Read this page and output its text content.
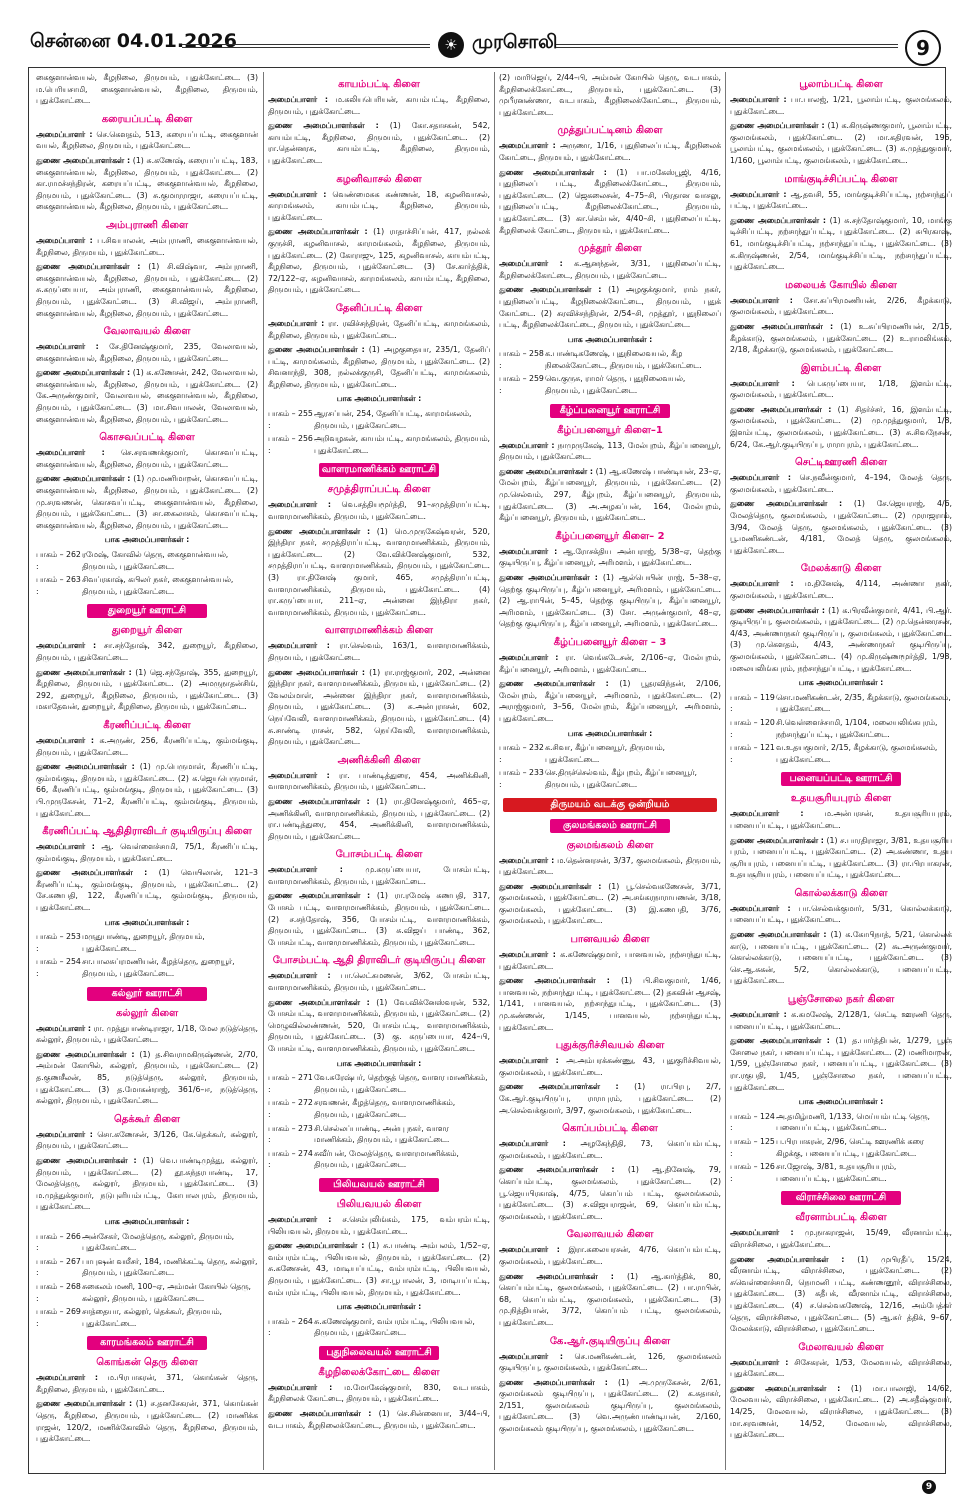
சென்னை 04.01.2026	☀ முரசொலி	9

கைகுளான்வயல், கீழநிலை, திருமயம், புதுக்கோட்டை. (3) ம.பெரியசாமி, கைகுளான்வயல், கீழநிலை, திருமயம், புதுக்கோட்டை.

கரையப்பட்டி கிளை

அமைப்பாளர் : செ.கௌதம், 513, கரையப்பட்டி, கைகுளான் வயல், கீழநிலை, திருமயம், புதுக்கோட்டை.

துணை அமைப்பாளர்கள் : (1) சு.கணேஷ், கரையப்பட்டி, 183, கைகுளான்வயல், கீழநிலை, திருமயம், புதுக்கோட்டை. (2) கா.ராமச்சந்திரன், கரையப்பட்டி, கைகுளான்வயல், கீழநிலை, திருமயம், புதுக்கோட்டை. (3) சு.குமாரராஜா, கரையப்பட்டி, கைகுளான்வயல், கீழநிலை, திருமயம், புதுக்கோட்டை.

அம்புராணி கிளை

அமைப்பாளர் : ப.சிவபாலன், அம்புராணி, கைகுளான்வயல், கீழநிலை, திருமயம், புதுக்கோட்டை.

துணை அமைப்பாளர்கள் : (1) சி.விஷ்வா, அம்புராணி, கைகுளான்வயல், கீழநிலை, திருமயம், புதுக்கோட்டை. (2) சு.கருப்பையா, அம்புராணி, கைகுளான்வயல், கீழநிலை, திருமயம், புதுக்கோட்டை. (3) சி.விஜய், அம்புராணி, கைகுளான்வயல், கீழநிலை, திருமயம், புதுக்கோட்டை.

வேலாவயல் கிளை

அமைப்பாளர் : சே.தினேஷ்குமார், 235, வேலாவயல், கைகுளான்வயல், கீழநிலை, திருமயம், புதுக்கோட்டை.

துணை அமைப்பாளர்கள் : (1) க.கணேசன், 242, வேலாவயல், கைகுளான்வயல், கீழநிலை, திருமயம், புதுக்கோட்டை. (2) கே.அருண்குமார், வேலாவயல், கைகுளான்வயல், கீழநிலை, திருமயம், புதுக்கோட்டை. (3) மா.சிவபாலன், வேலாவயல், கைகுளான்வயல், கீழநிலை, திருமயம், புதுக்கோட்டை.

கொசவப்பட்டி கிளை

அமைப்பாளர் : செ.சரவணக்குமார், கொசவப்பட்டி, கைகுளான்வயல், கீழநிலை, திருமயம், புதுக்கோட்டை.

துணை அமைப்பாளர்கள் : (1) மு.மணிமாறன், கொசவப்பட்டி, கைகுளான்வயல், கீழநிலை, திருமயம், புதுக்கோட்டை. (2) மு.சரவணன், கொசவப்பட்டி, கைகுளான்வயல், கீழநிலை, திருமயம், புதுக்கோட்டை. (3) சா.கைலாசம், கொசவப்பட்டி, கைகுளான்வயல், கீழநிலை, திருமயம், புதுக்கோட்டை.

பாக அமைப்பாளர்கள் :
பாகம் – 262 :
ரமேஷ், கோவில் தெரு, கைகுளான்வயல், திருமயம், புதுக்கோட்டை.
பாகம் – 263 :
சிவப்ரகாஷ், கபிலர் நகர், கைகுளான்வயல், திருமயம், புதுக்கோட்டை.
துறையூர் ஊராட்சி
துறையூர் கிளை

அமைப்பாளர் : சா.சந்தோஷ், 342, துறையூர், கீழநிலை, திருமயம், புதுக்கோட்டை.

துணை அமைப்பாளர்கள் : (1) ஜெ.சந்தோஷ், 355, துறையூர், கீழநிலை, திருமயம், புதுக்கோட்டை. (2) அமருநாதன்சிங், 292, துறையூர், கீழநிலை, திருமயம், புதுக்கோட்டை. (3) மகாதேவன், துறையூர், கீழநிலை, திருமயம், புதுக்கோட்டை.

கீரணிப்பட்டி கிளை

அமைப்பாளர் : க.அருண், 256, கீரணிப்பட்டி, கும்மங்குடி, திருமயம், புதுக்கோட்டை.

துணை அமைப்பாளர்கள் : (1) மு.பெருமாள், கீரணிப்பட்டி, கும்மங்குடி, திருமயம், புதுக்கோட்டை. (2) க.ஜெயபெருமாள், 66, கீரணிப்பட்டி, கும்மங்குடி, திருமயம், புதுக்கோட்டை. (3) பி.முருகேசன், 71–2, கீரணிப்பட்டி, கும்மங்குடி, திருமயம், புதுக்கோட்டை.

கீரணிப்பட்டி ஆதிதிராவிடர் குடியிருப்பு கிளை

அமைப்பாளர் : ஆ. வெள்ளைச்சாமி, 75/1, கீரணிப்பட்டி, கும்மங்குடி, திருமயம், புதுக்கோட்டை.

துணை அமைப்பாளர்கள் : (1) வெயிலான், 121–3 கீரணிப்பட்டி, கும்மங்குடி, திருமயம், புதுக்கோட்டை. (2) சே.கணபதி, 122, கீரணிப்பட்டி, கும்மங்குடி, திருமயம், புதுக்கோட்டை.

பாக அமைப்பாளர்கள் :
பாகம் – 253 :
மருதுபாண்டி, துறையூர், திருமயம், புதுக்கோட்டை.
பாகம் – 254 :
சா.பாலசுப்ரமணியன், கீழத்தெரு, துறையூர், திருமயம், புதுக்கோட்டை.
கல்லூர் ஊராட்சி
கல்லூர் கிளை

அமைப்பாளர் : ரா. முத்துபாண்டிராஜா, 1/18, மேல நடுத்தெரு, கல்லூர், திருமயம், புதுக்கோட்டை.

துணை அமைப்பாளர்கள் : (1) த.சிவராமகிருஷ்ணன், 2/70, அம்மன் கோயில், கல்லூர், திருமயம், புதுக்கோட்டை. (2) த.குணசீலன், 85, நடுத்தெரு, கல்லூர், திருமயம், புதுக்கோட்டை. (3) த.மோகன்ராஜ், 361/6–ஈ, நடுத்தெரு, கல்லூர், திருமயம், புதுக்கோட்டை.

தெக்கூர் கிளை

அமைப்பாளர் : சொ.கணேசன், 3/126, கே.தெக்கூர், கல்லூர், திருமயம், புதுக்கோட்டை.

துணை அமைப்பாளர்கள் : (1) வெ.பாண்டிமுத்து, கல்லூர், திருமயம், புதுக்கோட்டை. (2) தூ.சுந்தரபாண்டி, 17, மேலத்தெரு, கல்லூர், திருமயம், புதுக்கோட்டை. (3) ம.முத்துக்குமார், நடுபுளியம்பட்டி, கோபாலபுரம், திருமயம், புதுக்கோட்டை.

பாக அமைப்பாளர்கள் :
பாகம் – 266 :
அன்சேகர், மேலத்தெரு, கல்லூர், திருமயம், புதுக்கோட்டை.
பாகம் – 267 :
பாபுஷன் வஙீசர், 184, மணிக்கட்டி தெரு, கல்லூர், திருமயம், புதுக்கோட்டை.
பாகம் – 268 :
சுகைலம் மணி, 100–ஏ, அம்மன் கோயில் தெரு, கல்லூர், திருமயம், புதுக்கோட்டை.
பாகம் – 269 :
சாத்தையா, கல்லூர், தெக்கூர், திருமயம், புதுக்கோட்டை.
காரமங்கலம் ஊராட்சி
கொங்கன் தெரு கிளை

அமைப்பாளர் : ம.பிரபாகரன், 371, கொங்கன் தெரு, கீழநிலை, திருமயம், புதுக்கோட்டை.

துணை அமைப்பாளர்கள் : (1) ச.தனசேகரன், 371, கொங்கன் தெரு, கீழநிலை, திருமயம், புதுக்கோட்டை. (2) மாணிக்க ராஜன், 120/2, மணிக்கோவில் தெரு, கீழநிலை, திருமயம், புதுக்கோட்டை.

காயம்பட்டி கிளை

அமைப்பாளர் : ம.கலியபெரியன், காயம்பட்டி, கீழநிலை, திருமயம், புதுக்கோட்டை.

துணை அமைப்பாளர்கள் : (1) கோ.சதாசகன், 542, காயம்பட்டி, கீழநிலை, திருமயம், புதுக்கோட்டை. (2) ரா.தென்னரசு, காயம்பட்டி, கீழநிலை, திருமயம், புதுக்கோட்டை.

கழனிவாசல் கிளை

அமைப்பாளர் : வெண்மைசுக கண்ணன், 18, கழனிவாசல், காரமங்கலம், காயம்பட்டி, கீழநிலை, திருமயம், புதுக்கோட்டை.

துணை அமைப்பாளர்கள் : (1) ராதாச்சிப்பன், 417, நல்லக் குருச்சி, கழனிவாசல், காரமங்கலம், கீழநிலை, திருமயம், புதுக்கோட்டை. (2) கோராஜு, 125, கழனிவாசல், காயம்பட்டி, கீழநிலை, திருமயம், புதுக்கோட்டை. (3) சே.கார்த்திக், 72/122–ஏ, கழனிவாசல், காரமங்கலம், காயம்பட்டி, கீழநிலை, திருமயம், புதுக்கோட்டை.

தேனிப்பட்டி கிளை

அமைப்பாளர் : ரா. ரவிச்சந்திரன், தேனிப்பட்டி, காரமங்கலம், கீழநிலை, திருமயம், புதுக்கோட்டை.

துணை அமைப்பாளர்கள் : (1) அழகுதையா, 235/1, தேனிப் பட்டி, காரமங்கலம், கீழநிலை, திருமயம், புதுக்கோட்டை. (2) சிவனாந்தி, 308, நல்லக்குருசி, தேனிப்பட்டி, காரமங்கலம், கீழநிலை, திருமயம், புதுக்கோட்டை.

பாக அமைப்பாளர்கள் :
பாகம் – 255 :
ஆரசப்பன், 254, தேனிப்பட்டி, காரமங்கலம், திருமயம், புதுக்கோட்டை.
பாகம் – 256 :
அறிவழகன், காயம்பட்டி, காரமங்கலம், திருமயம், புதுக்கோட்டை.
வாளரமாணிக்கம் ஊராட்சி
சமுத்திராப்பட்டி கிளை

அமைப்பாளர் : வெ.சத்தியமூர்த்தி, 91–சமுத்திராப்பட்டி, வாளரமாணிக்கம், திருமயம், புதுக்கோட்டை.

துணை அமைப்பாளர்கள் : (1) மெ.முருகேஷ்வரன், 520, இந்திரா நகர், சமுத்திராப்பட்டி, வாளரமாணிக்கம், திருமயம், புதுக்கோட்டை. (2) வே.விக்னேஷ்குமார், 532, சமுத்திராப்பட்டி, வாளரமாணிக்கம், திருமயம், புதுக்கோட்டை. (3) ரா.தினேஷ் குமார், 465, சமுத்திராப்பட்டி, வாளரமாணிக்கம், திருமயம், புதுக்கோட்டை. (4) ரா.கருப்பையா, 211–ஏ, அன்னை இந்திரா நகர், வாளரமாணிக்கம், திருமயம், புதுக்கோட்டை.

வாளரமாணிக்கம் கிளை

அமைப்பாளர் : ரா.செல்வம், 163/1, வாளரமாணிக்கம், திருமயம், புதுக்கோட்டை.

துணை அமைப்பாளர்கள் : (1) ரா.ராஜ்குமார், 202, அன்னை இந்திரா நகர், வாளரமாணிக்கம், திருமயம், புதுக்கோட்டை. (2) வேலம்மாள், அன்னை இந்திரா நகர், வாளரமாணிக்கம், திருமயம், புதுக்கோட்டை. (3) சு.அன்புராசன், 602, நெய்வேலி, வாளரமாணிக்கம், திருமயம், புதுக்கோட்டை. (4) சு.சாண்டி ராசன், 582, நெய்வேலி, வாளரமாணிக்கம், திருமயம், புதுக்கோட்டை.

அணிக்கினி கிளை

அமைப்பாளர் : ரா. பாண்டித்துரை, 454, அணிக்கினி, வாளரமாணிக்கம், திருமயம், புதுக்கோட்டை.

துணை அமைப்பாளர்கள் : (1) ரா.தினேஷ்குமார், 465–ஏ, அணிக்கினி, வாளரமாணிக்கம், திருமயம், புதுக்கோட்டை. (2) ரா.பண்டித்துரை, 454, அணிக்கினி, வாளரமாணிக்கம், திருமயம், புதுக்கோட்டை.

போசம்பட்டி கிளை

அமைப்பாளர் :	மு.கருப்பையா, போசம்பட்டி, வாளரமாணிக்கம், திருமயம், புதுக்கோட்டை.

துணை அமைப்பாளர்கள் : (1) ரா.ரமேஷ் கணபதி, 317, போசம் பட்டி, வாளரமாணிக்கம், திருமயம், புதுக்கோட்டை. (2) ச.சந்தோஷ், 356, போசம்பட்டி, வாளரமாணிக்கம், திருமயம், புதுக்கோட்டை. (3) சு.விஜய் பாண்டி, 362, போசம்பட்டி, வாளரமாணிக்கம், திருமயம், புதுக்கோட்டை.

போசம்பட்டி ஆதி திராவிடர் குடியிருப்பு கிளை

அமைப்பாளர் : பா.லெட்சுமணன், 3/62, போசம்பட்டி, வாளரமாணிக்கம், திருமயம், புதுக்கோட்டை.

துணை அமைப்பாளர்கள் : (1) வே.விக்னேஸ்வரன், 532, போசம்பட்டி, வாளரமாணிக்கம், திருமயம், புதுக்கோட்டை. (2) மெழுவில்லண்ணன், 520, போசம்பட்டி, வாளரமாணிக்கம், திருமயம், புதுக்கோட்டை. (3) கு. கருப்பையா, 424–பி, போசம்பட்டி, வாளரமாணிக்கம், திருமயம், புதுக்கோட்டை.

பாக அமைப்பாளர்கள் :
பாகம் – 271 :
வே.சுரேஷ்பர், தெற்குத் தெரு, வாளர மாணிக்கம், திருமயம், புதுக்கோட்டை.
பாகம் – 272 :
சரவணன், கீழத்தெரு, வாளரமாணிக்கம், திருமயம், புதுக்கோட்டை.
பாகம் – 273 :
சி.செல்லப்பாண்டி, அன்பு நகர், வாளர மாணிக்கம், திருமயம், புதுக்கோட்டை.
பாகம் – 274 :
சுவீர்பன், மேலத்தெரு, வாளரமாணிக்கம், திருமயம், புதுக்கோட்டை.
பிலியவயல் ஊராட்சி
பிலியவயல் கிளை

அமைப்பாளர் : ச.செம்புலிங்கம், 175, வம்பரம்பட்டி, பிலியவயல், திருமயம், புதுக்கோட்டை.

துணை அமைப்பாளர்கள் : (1) சு.பாண்டி அம்பலம், 1/52–ஏ, வம்பரம்பட்டி, பிலியவயல், திருமயம், புதுக்கோட்டை. (2) சு.கணேசன், 43, மாடியப்பட்டி, வம்பரம்பட்டி, பிலியவயல், திருமயம், புதுக்கோட்டை. (3) சா.பூபாலன், 3, மாடியப்பட்டி, வம்பரம்பட்டி, பிலியவயல், திருமயம், புதுக்கோட்டை.

பாக அமைப்பாளர்கள் :
பாகம் – 264 :
சு.கணேஷ்குமார், வம்பரம்பட்டி, பிலியவயல், திருமயம், புதுக்கோட்டை.
புதுநிலைவயல் ஊராட்சி
கீழநிலைக்கோட்டை கிளை

அமைப்பாளர் : ம.மோகேஷ்குமார், 830, வடபாகம், கீழநிலைக் கோட்டை, திருமயம், புதுக்கோட்டை.

துணை அமைப்பாளர்கள் : (1) செ.சின்னையா, 3/44–பி, வடபாகம், கீழநிலைக்கோட்டை, திருமயம், புதுக்கோட்டை.

(2) மாரிஜெய், 2/44–பி, அம்மன் கோயில் தெரு, வடபாகம், கீழநிலைக்கோட்டை, திருமயம், புதுக்கோட்டை. (3) முபீரனண்ணா, வடபாகம், கீழநிலைக்கோட்டை, திருமயம், புதுக்கோட்டை.

முத்துப்பட்டினம் கிளை

அமைப்பாளர் : அருணா, 1/16, புதுநிலைப்பட்டி, கீழநிலைக் கோட்டை, திருமயம், புதுக்கோட்டை.

துணை அமைப்பாளர்கள் : (1) பா.மகேஸ்பூஜி, 4/16, புதுநிலைப் பட்டி, கீழநிலைக்கோட்டை, திருமயம், புதுக்கோட்டை. (2) ஜெகலைசன், 4–75–சி, பிரதான வாசலு, புதுநிலைப்பட்டி, கீழநிலைக்கோட்டை, திருமயம், புதுக்கோட்டை. (3) கா.செம்பன், 4/40–சி, புதுநிலைப்பட்டி, கீழநிலைக் கோட்டை, திருமயம், புதுக்கோட்டை.

முத்தூர் கிளை

அமைப்பாளர் : க.ஆனந்தன், 3/31, புதுநிலைப்பட்டி, கீழநிலைக்கோட்டை, திருமயம், புதுக்கோட்டை.

துணை அமைப்பாளர்கள் : (1) அழகுக்குமார், ராம் நகர், புதுநிலைப்பட்டி, கீழநிலைக்கோட்டை, திருமயம், புதுக் கோட்டை. (2) சுரவிச்சந்திரன், 2/54–சி, முத்தூர், புதுநிலைப் பட்டி, கீழநிலைக்கோட்டை, திருமயம், புதுக்கோட்டை.

பாக அமைப்பாளர்கள் :
பாகம் – 258 :
க.பாண்டிகணேஷ், புதுநிலைவயல், கீழ நிலைக்கோட்டை, திருமயம், புதுக்கோட்டை.
பாகம் – 259 :
வெ.குருசு, ராமர் தெரு, புதுநிலைவயல், திருமயம், புதுக்கோட்டை.
கீழ்ப்பனையூர் ஊராட்சி
கீழ்ப்பனையூர் கிளை–1

அமைப்பாளர் : நாமுருகேஷ், 113, மேல்புறம், கீழ்ப்பனையூர், திருமயம், புதுக்கோட்டை.

துணை அமைப்பாளர்கள் : (1) ஆ.கணேஷ் பாண்டியன், 23–ஏ, மேல்புறம், கீழ்ப்பனையூர், திருமயம், புதுக்கோட்டை. (2) மு.செல்வம், 297, கீழ்புறம், கீழ்ப்பனையூர், திருமயம், புதுக்கோட்டை. (3) அ.அழகப்பன், 164, மேல்புறம், கீழ்ப்பனையூர், திருமயம், புதுக்கோட்டை.

கீழ்ப்பனையூர் கிளை– 2

அமைப்பாளர் : ஆ.ரோசக்திய அன்பராஜ், 5/38–ஏ, தெற்கு குடியிருப்பு, கீழ்ப்பனையூர், அரிமளம், புதுக்கோட்டை.

துணை அமைப்பாளர்கள் : (1) ஆல்பெயின் ராஜ், 5–38–ஏ, தெற்கு குடியிருப்பு, கீழ்ப்பனையூர், அரிமளம், புதுக்கோட்டை. (2) ஆ.ராபின், 5–45, தெற்கு குடியிருப்பு, கீழ்ப்பனையூர், அரிமளம், புதுக்கோட்டை. (3) சோ. அருண்குமார், 48–ஏ, தெற்கு குடியிருப்பு, கீழ்ப்பனையூர், அரிமளம், புதுக்கோட்டை.

கீழ்ப்பனையூர் கிளை – 3

அமைப்பாளர் : ரா. வெங்கடேசன், 2/106–ஏ, மேல்புறம், கீழ்ப்பனையூர், அரிமளம், புதுக்கோட்டை.

துணை அமைப்பாளர்கள் : (1) பூதரவிந்தன், 2/106, மேல்புறம், கீழ்ப்பனையூர், அரிமளம், புதுக்கோட்டை. (2) அராஜ்குமார், 3–56, மேல்புறம், கீழ்ப்பனையூர், அரிமளம், புதுக்கோட்டை.

பாக அமைப்பாளர்கள் :
பாகம் – 232 :
க.சிவா, கீழ்ப்பனையூர், திருமயம், புதுக்கோட்டை.
பாகம் – 233 :
செ.திருச்செல்வம், கீழ்புறம், கீழ்ப்பனையூர், திருமயம், புதுக்கோட்டை.
திருமயம் வடக்கு ஒன்றியம்
குலமங்கலம் ஊராட்சி
குலமங்கலம் கிளை

அமைப்பாளர் : ம.தென்னரசன், 3/37, குலமங்கலம், திருமயம், புதுக்கோட்டை.

துணை அமைப்பாளர்கள் : (1) பூ.செல்வகணேசன், 3/71, குலமங்கலம், புதுக்கோட்டை. (2) அ.சங்கரநாராயணன், 3/18, குலமங்கலம், புதுக்கோட்டை. (3) இ.கணபதி, 3/76, குலமங்கலம், புதுக்கோட்டை.

பானவயல் கிளை

அமைப்பாளர் : க.கணேஷ்குமார், பானவயல், நற்சாந்துபட்டி, புதுக்கோட்டை.

துணை அமைப்பாளர்கள் : (1) பி.சிவகுமார், 1/46, பானவயல், நற்சாந்துபட்டி, புதுக்கோட்டை. (2) தகவின் ஆசஷ், 1/141, பானவயல், நற்சாந்துபட்டி, புதுக்கோட்டை. (3) மு.கண்ணன், 1/145, பானவயல், நற்சாந்துபட்டி, புதுக்கோட்டை.

புதுக்குரிச்சிவயல் கிளை

அமைப்பாளர் : அ.அம்பரக்கண்ணு, 43, புதுகுரிச்சிவயல், குலமங்கலம், புதுக்கோட்டை.

துணை அமைப்பாளர்கள் : (1) ரா.பிரபு, 2/7, கே.ஆர்.குடியிருப்பு, ராராபுரம், புதுக்கோட்டை. (2) அ.செல்வக்குமார், 3/97, குலமங்கலம், புதுக்கோட்டை.

கொப்பம்பட்டி கிளை

அமைப்பாளர் : அழகேந்திதி, 73, கொப்பம்பட்டி, குலமங்கலம், புதுக்கோட்டை.

துணை அமைப்பாளர்கள் : (1) ஆ.தினேஷ், 79, கொப்பம்பட்டி, குலமங்கலம், புதுக்கோட்டை. (2) பூ.ஜெயபிரகாஷ், 4/75, கொப்பம் பட்டி, குலமங்கலம், புதுக்கோட்டை. (3) ச.விஜயராஜன், 69, கொப்பம்பட்டி, குலமங்கலம், புதுக்கோட்டை.

வேலாவயல் கிளை

அமைப்பாளர் : இரா.கலையரசன், 4/76, கொப்பம்பட்டி, குலமங்கலம், புதுக்கோட்டை.

துணை அமைப்பாளர்கள் : (1) ஆ.கார்த்திக், 80, கொப்பம்பட்டி, குலமங்கலம், புதுக்கோட்டை. (2) பா.ராபின், 68, கொப்பம்பட்டி, குலமங்கலம், புதுக்கோட்டை. (3) மு.நித்தியான், 3/72, கொப்பம் பட்டி, குலமங்கலம், புதுக்கோட்டை.

கே.ஆர்.குடியிருப்பு கிளை

அமைப்பாளர் : செ.மணிகண்டன், 126, குலமங்கலம் குடியிருப்பு, குலமங்கலம், புதுக்கோட்டை.

துணை அமைப்பாளர்கள் : (1) அ.முருகேசன், 2/61, குலமங்கலம் குடியிருப்பு, புதுக்கோட்டை. (2) க.சுதாகர், 2/151, குலமங்கலம் குடியிருப்பு, குலமங்கலம், புதுக்கோட்டை. (3) வெ.அருண்பாண்டியன், 2/160, குலமங்கலம் குடியிருப்பு, குலமங்கலம், புதுக்கோட்டை.

பூலாம்பட்டி கிளை

அமைப்பாளர் : பா.பாலஜ், 1/21, பூலாம்பட்டி, குலமங்கலம், புதுக்கோட்டை.

துணை அமைப்பாளர்கள் : (1) க.கிருஷ்ணகுமார், பூலாம்பட்டி, குலமங்கலம், புதுக்கோட்டை. (2) மா.கதிரவன், 196, பூலாம்பட்டி, குலமங்கலம், புதுக்கோட்டை. (3) சு.முத்துகுமார், 1/160, பூலாம்பட்டி, குலமங்கலம், புதுக்கோட்டை.

மாங்குடிச்சிப்பட்டி கிளை

அமைப்பாளர் : ஆ.தவசி, 55, மாங்குடிச்சிப்பட்டி, நற்சாந்துப் பட்டி, புதுக்கோட்டை.

துணை அமைப்பாளர்கள் : (1) சு.சந்தோஷ்குமார், 10, மாங்கு டிச்சிப்பட்டி, நற்சாந்துப்பட்டி, புதுக்கோட்டை. (2) சுபிரகாஷ், 61, மாங்குடிச்சிப்பட்டி, நற்சாந்துப்பட்டி, புதுக்கோட்டை. (3) க.கிருஷ்ணன், 2/54, மாங்குடிச்சிப்பட்டி, நற்சாந்துப்பட்டி, புதுக்கோட்டை.

மலையக் கோயில் கிளை

அமைப்பாளர் : சோ.சுப்பிரமணியன், 2/26, கீழக்காடு, குலமங்கலம், புதுக்கோட்டை.

துணை அமைப்பாளர்கள் : (1) உ.சுப்பிரமணியன், 2/15, கீழக்காடு, குலமங்கலம், புதுக்கோட்டை. (2) உ.ராமலிங்கம், 2/18, கீழக்காடு, குலமங்கலம், புதுக்கோட்டை.

இளம்பட்டி கிளை

அமைப்பாளர் : பெ.கருப்பையா, 1/18, இளம்பட்டி, குலமங்கலம், புதுக்கோட்டை.

துணை அமைப்பாளர்கள் : (1) சிதர்ச்சர், 16, இளம்பட்டி, குலமங்கலம், புதுக்கோட்டை. (2) மு.முத்துகுமார், 1/8, இளம்பட்டி, குலமங்கலம், புதுக்கோட்டை. (3) சு.சிவநேசன், 6/24, கே.ஆர்.குடியிருப்பு, ராராபுரம், புதுக்கோட்டை.

செட்டிஊரணி கிளை

அமைப்பாளர் : செ.நவீன்குமார், 4–194, மேலத் தெரு, குலமங்கலம், புதுக்கோட்டை.

துணை அமைப்பாளர்கள் : (1) சே.ஜெயராஜ், 4/6, மேலத்தெரு, குலமங்கலம், புதுக்கோட்டை. (2) முராஜராம், 3/94, மேலத் தெரு, குலமங்கலம், புதுக்கோட்டை. (3) பூ.மணிகண்டன், 4/181, மேலத் தெரு, குலமங்கலம், புதுக்கோட்டை.

மேலக்காடு கிளை

அமைப்பாளர் : ம.தினேஷ், 4/114, அண்ணா நகர், குலமங்கலம், புதுக்கோட்டை.

துணை அமைப்பாளர்கள் : (1) க.பிரவீன்குமார், 4/41, பி.ஆர். குடியிருப்பு, குலமங்கலம், புதுக்கோட்டை. (2) மு.தென்னரசன், 4/43, அண்ணாநகர் குடியிருப்பு, குலமங்கலம், புதுக்கோட்டை. (3) மு.கௌதம், 4/43, அண்ணாநகர் குடியிருப்பு, குலமங்கலம், புதுக்கோட்டை. (4) மு.கிருஷ்ணமூர்த்தி, 1/98, மலையலிங்கபுரம், நற்சாந்துப்பட்டி, புதுக்கோட்டை.

பாக அமைப்பாளர்கள் :
பாகம் – 119 :
சொ.மணிகண்டன், 2/35, கீழக்காடு, குலமங்கலம், புதுக்கோட்டை.
பாகம் – 120 :
சி.வெள்ளைச்சாமி, 1/104, மலையலிங்கபுரம், நற்சாந்துப்பட்டி, புதுக்கோட்டை.
பாகம் – 121 :
வ.உதயகுமார், 2/15, கீழக்காடு, குலமங்கலம், புதுக்கோட்டை.
பனையப்பட்டி ஊராட்சி
உதயசூரியபுரம் கிளை

அமைப்பாளர் :	ம.அன்பரசன், உதயசூரியபுரம், பனையப்பட்டி, புதுக்கோட்டை.

துணை அமைப்பாளர்கள் : (1) ச.பாரதிராஜா, 3/81, உதயசூரிய புரம், பனையப்பட்டி, புதுக்கோட்டை. (2) அ.கண்ணா, உதய சூரியபுரம், பனையப்பட்டி, புதுக்கோட்டை. (3) ரா.பிரபாகரன், உதயசூரியபுரம், பனையப்பட்டி, புதுக்கோட்டை.

கொல்லக்காடு கிளை

அமைப்பாளர் : பா.செல்வக்குமார், 5/31, கொல்லக்காடு, பனையப்பட்டி, புதுக்கோட்டை.

துணை அமைப்பாளர்கள் : (1) க.கோபிநாத், 5/21, கொல்லக் காடு, பனையப்பட்டி, புதுக்கோட்டை. (2) கூ.அருண்குமார், கொல்லக்காடு, பனையப்பட்டி, புதுக்கோட்டை. (3) செ.ஆ.சுகன், 5/2, கொல்லக்காடு, பனையப்பட்டி, புதுக்கோட்டை.

பூஞ்சோலை நகர் கிளை

அமைப்பாளர் : க.கமலேஷ், 2/128/1, செட்டி ஊரணி தெரு, பனையப்பட்டி, புதுக்கோட்டை.

துணை அமைப்பாளர்கள் : (1) த.பார்த்திபன், 1/279, பூஞ் சோலை நகர், பனையப்பட்டி, புதுக்கோட்டை. (2) மணிமாறன், 1/59, பூஞ்சோலை நகர், பனையப்பட்டி, புதுக்கோட்டை. (3) ரா.ரகுபதி, 1/45, பூஞ்சோலை நகர், பனையப்பட்டி, புதுக்கோட்டை.

பாக அமைப்பாளர்கள் :
பாகம் – 124 :
அ.தமிழ்மணி, 1/133, மெய்யம்பட்டி தெரு, பனையப்பட்டி, புதுக்கோட்டை.
பாகம் – 125 :
ப.பிரபாகரன், 2/96, செட்டி ஊரணிக் கரை கிழக்கு, பனையப்பட்டி, புதுக்கோட்டை.
பாகம் – 126 :
சா.ஜோஷ், 3/81, உதயசூரியபுரம், பனையப்பட்டி, புதுக்கோட்டை.
விராச்சிலை ஊராட்சி
வீரனாம்பட்டி கிளை

அமைப்பாளர் : மு.நாகராஜன், 15/49, வீரனாம்பட்டி, விராச்சிலை, புதுக்கோட்டை.

துணை அமைப்பாளர்கள் : (1) முபிரதீப், 15/24, வீரனாம்பட்டி, விராச்சிலை, புதுக்கோட்டை. (2) சுவெள்ளைச்சாமி, நொமனி பட்டி, கண்ணனூர், விராச்சிலை, புதுக்கோட்டை. (3) கதீபக், வீரனாம்பட்டி, விராச்சிலை, புதுக்கோட்டை. (4) ச.செல்வகணேஷ், 12/16, அம்பேத்கர் தெரு, விராச்சிலை, புதுக்கோட்டை. (5) ஆ.சுர் த்திக், 9–67, மேலக்காடு, விராச்சிலை, புதுக்கோட்டை.

மேலாவயல் கிளை

அமைப்பாளர் : சிசேகரன், 1/53, மேலவயல், விராச்சிலை, புதுக்கோட்டை.

துணை அமைப்பாளர்கள் : (1) மா.பாலாஜி, 14/62, மேலவயல், விராச்சிலை, புதுக்கோட்டை. (2) அ.சதீஷ்குமார், 14/25, மேலவயல், விராச்சிலை, புதுக்கோட்டை. (3) மா.சரவணன், 14/52, மேலவயல், விராச்சிலை, புதுக்கோட்டை.

9
